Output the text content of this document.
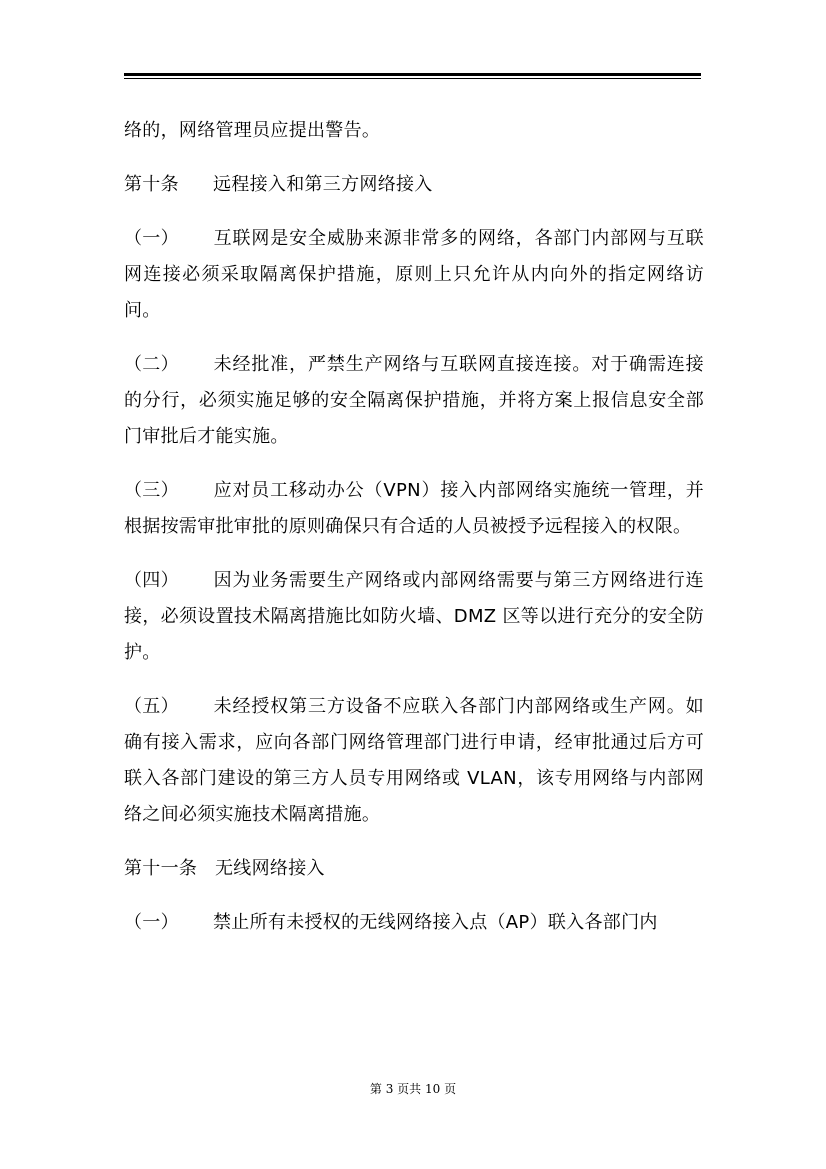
络的，网络管理员应提出警告。

第十条 远程接入和第三方网络接入

（一） 互联网是安全威胁来源非常多的网络，各部门内部网与互联网连接必须采取隔离保护措施，原则上只允许从内向外的指定网络访问。

（二） 未经批准，严禁生产网络与互联网直接连接。对于确需连接的分行，必须实施足够的安全隔离保护措施，并将方案上报信息安全部门审批后才能实施。

（三） 应对员工移动办公（VPN）接入内部网络实施统一管理，并根据按需审批审批的原则确保只有合适的人员被授予远程接入的权限。

（四） 因为业务需要生产网络或内部网络需要与第三方网络进行连接，必须设置技术隔离措施比如防火墙、DMZ 区等以进行充分的安全防护。

（五） 未经授权第三方设备不应联入各部门内部网络或生产网。如确有接入需求，应向各部门网络管理部门进行申请，经审批通过后方可联入各部门建设的第三方人员专用网络或 VLAN，该专用网络与内部网络之间必须实施技术隔离措施。

第十一条 无线网络接入

（一） 禁止所有未授权的无线网络接入点（AP）联入各部门内

第 3 页共 10 页
